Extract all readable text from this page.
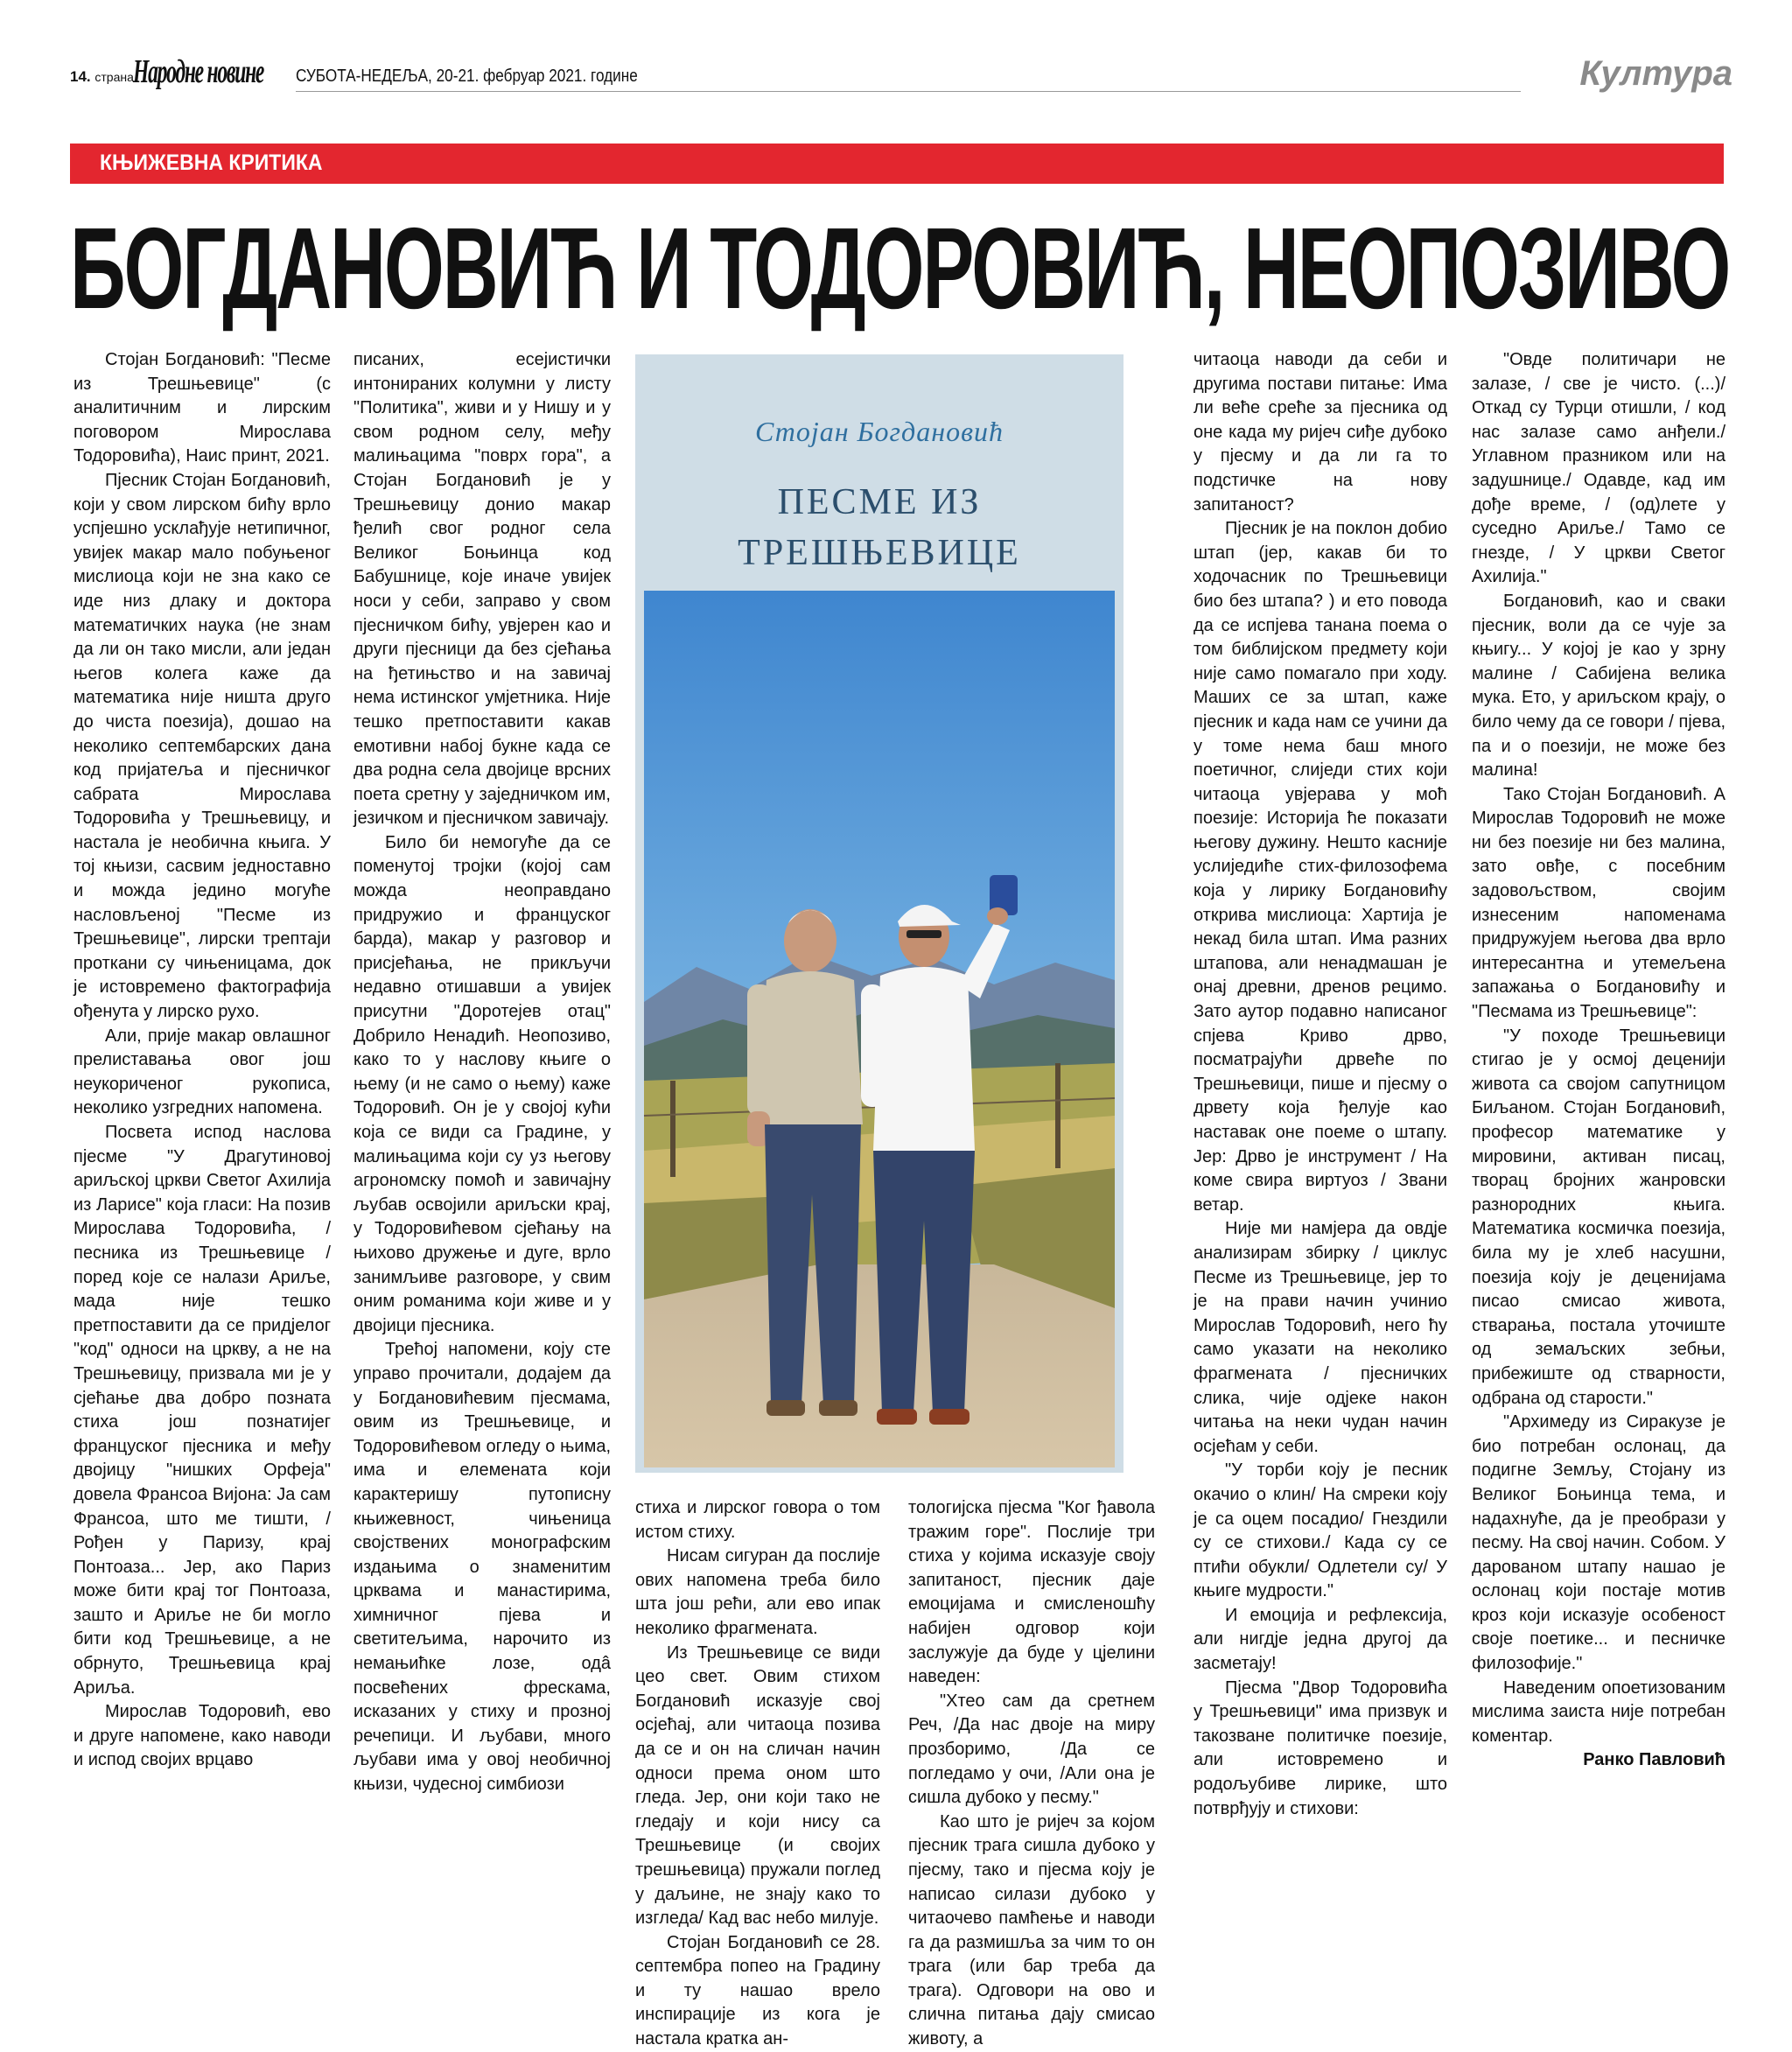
14. страна Народне новине СУБОТА-НЕДЕЉА, 20-21. фебруар 2021. године	Култура
КЊИЖЕВНА КРИТИКА
БОГДАНОВИЋ И ТОДОРОВИЋ, НЕОПОЗИВО

Стојан Богдановић: "Песме из Трешњевице" (с аналитичним и лирским поговором Мирослава Тодоровића), Наис принт, 2021.

Пјесник Стојан Богдановић, који у свом лирском бићу врло успјешно усклађује нетипичног, увијек макар мало побуњеног мислиоца који не зна како се иде низ длаку и доктора математичких наука (не знам да ли он тако мисли, али један његов колега каже да математика није ништа друго до чиста поезија), дошао на неколико септембарских дана код пријатеља и пјесничког сабрата Мирослава Тодоровића у Трешњевицу, и настала је необична књига. У тој књизи, сасвим једноставно и можда једино могуће насловљеној "Песме из Трешњевице", лирски трептаји проткани су чињеницама, док је истовремено фактографија ођенута у лирско рухо.

Али, прије макар овлашног прелиставања овог још неукориченог рукописа, неколико узгредних напомена.

Посвета испод наслова пјесме "У Драгутиновој ариљској цркви Светог Ахилија из Ларисе" која гласи: На позив Мирослава Тодоровића, / песника из Трешњевице / поред које се налази Ариље, мада није тешко претпоставити да се придјелог "код" односи на цркву, а не на Трешњевицу, призвала ми је у сјећање два добро позната стиха још познатијег француског пјесника и међу двојицу "нишких Орфеја" довела Франсоа Вијона: Ја сам Франсоа, што ме тишти, / Рођен у Паризу, крај Понтоаза... Јер, ако Париз може бити крај тог Понтоаза, зашто и Ариље не би могло бити код Трешњевице, а не обрнуто, Трешњевица крај Ариља.

Мирослав Тодоровић, ево и друге напомене, како наводи и испод својих врцаво

писаних, есејистички интонираних колумни у листу "Политика", живи и у Нишу и у свом родном селу, међу малињацима "поврх гора", а Стојан Богдановић је у Трешњевицу донио макар ђелић свог родног села Великог Бoњинца код Бабушнице, које иначе увијек носи у себи, заправо у свом пјесничком бићу, увјерен као и други пјесници да без сјећања на ђетињство и на завичај нема истинског умјетника. Није тешко претпоставити какав емотивни набој букне када се два родна села двојице врсних поета сретну у заједничком им, језичком и пјесничком завичају.

Било би немогуће да се поменутој тројки (којој сам можда неоправдано придружио и француског барда), макар у разговор и присјећања, не прикључи недавно отишавши а увијек присутни "Доротејев отац" Добрило Ненадић. Неопозиво, како то у наслову књиге о њему (и не само о њему) каже Тодоровић. Он је у својој кући која се види са Градине, у малињацима који су уз његову агрономску помоћ и завичајну љубав освојили ариљски крај, у Тодоровићевом сјећању на њихово дружење и дуге, врло занимљиве разговоре, у свим оним романима који живе и у двојици пјесника.

Трећој напомени, коју сте управо прочитали, додајем да у Богдановићевим пјесмама, овим из Трешњевице, и Тодоровићевом огледу о њима, има и елемената који карактеришу путописну књижевност, чињеница својствених монографским издањима о знаменитим црквама и манастирима, химничног пјева и светитељима, нарочито из немањићке лозе, одâ посвећених фрескама, исказаних у стиху и прозној речепици. И љубави, много љубави има у овој необичној књизи, чудесној симбиози

Стојан Богдановић
ПЕСМЕ ИЗ
ТРЕШЊЕВИЦЕ

стиха и лирског говора о том истом стиху.

Нисам сигуран да послије ових напомена треба било шта још рећи, али ево ипак неколико фрагмената.

Из Трешњевице се види цео свет. Овим стихом Богдановић исказује свој осјећај, али читаоца позива да се и он на сличан начин односи према оном што гледа. Јер, они који тако не гледају и који нису са Трешњевице (и својих трешњевица) пружали поглед у даљине, не знају како то изгледа/ Кад вас небо милује.

Стојан Богдановић се 28. септембра попео на Градину и ту нашао врело инспирације из кога је настала кратка ан-

тологијска пјесма "Ког ђавола тражим горе". Послије три стиха у којима исказује своју запитаност, пјесник даје емоцијама и смисленошћу набијен одговор који заслужује да буде у цјелини наведен:

"Хтео сам да сретнем Реч, /Да нас двоје на миру прозборимо, /Да се погледамо у очи, /Али она је сишла дубоко у песму."

Као што је ријеч за којом пјесник трага сишла дубоко у пјесму, тако и пјесма коју је написао силази дубоко у читаочево памћење и наводи га да размишља за чим то он трага (или бар треба да трага). Одговори на ово и слична питања дају смисао животу, а

читаоца наводи да себи и другима постави питање: Има ли веће среће за пјесника од оне када му ријеч сиђе дубоко у пјесму и да ли га то подстичке на нову запитаност?

Пјесник је на поклон добио штап (јер, какав би то ходочасник по Трешњевици био без штапа? ) и ето повода да се испјева танана поема о том библијском предмету који није само помагало при ходу. Маших се за штап, каже пјесник и када нам се учини да у томе нема баш много поетичног, слиједи стих који читаоца увјерава у моћ поезије: Историја ће показати његову дужину. Нешто касније услиједиће стих-филозофема која у лирику Богдановићу открива мислиоца: Хартија је некад била штап. Има разних штапова, али ненадмашан је онај древни, дренов рецимо. Зато аутор подавно написаног спјева Криво дрво, посматрајући дрвеће по Трешњевици, пише и пјесму о дрвету која ђелује као наставак оне поеме о штапу. Јер: Дрво је инструмент / На коме свира виртуоз / Звани ветар.

Није ми намјера да овдје анализирам збирку / циклус Песме из Трешњевице, јер то је на прави начин учинио Мирослав Тодоровић, него ћу само указати на неколико фрагмената / пјесничких слика, чије одјеке након читања на неки чудан начин осјећам у себи.

"У торби коју је песник окачио о клин/ На смреки коју је са оцем посадио/ Гнездили су се стихови./ Када су се птићи обукли/ Одлетели су/ У књиге мудрости."

И емоција и рефлексија, али нигдје једна другој да засметају!

Пјесма "Двор Тодоровића у Трешњевици" има призвук и такозване политичке поезије, али истовремено и родољубиве лирике, што потврђују и стихови:

"Овде политичари не залазе, / све је чисто. (...)/Откад су Турци отишли, / код нас залазе само анђели./ Углавном празником или на задушнице./ Одавде, кад им дође време, / (од)лете у суседно Ариље./ Тамо се гнезде, / У цркви Светог Ахилија."

Богдановић, као и сваки пјесник, воли да се чује за књигу... У којој је као у зрну малине / Сабијена велика мука. Ето, у ариљском крају, о било чему да се говори / пјева, па и о поезији, не може без малина!

Тако Стојан Богдановић. А Мирослав Тодоровић не може ни без поезије ни без малина, зато овђе, с посебним задовољством, својим изнесеним напоменама придружујем његова два врло интересантна и утемељена запажања о Богдановићу и "Песмама из Трешњевице":

"У походе Трешњевици стигао је у осмој деценији живота са својом сапутницом Биљаном. Стојан Богдановић, професор математике у мировини, активан писац, творац бројних жанровски разнородних књига. Математика космичка поезија, била му је хлеб насушни, поезија коју је деценијама писао смисао живота, стварања, постала уточиште од земаљских зебњи, прибежиште од стварности, одбрана од старости."

"Архимеду из Сиракузе је био потребан ослонац, да подигне Земљу, Стојану из Великог Бoњинца тема, и надахнуће, да је преобрази у песму. На свој начин. Собом. У дарованом штапу нашао је ослонац који постаје мотив кроз који исказује особеност своје поетике... и песничке филозофије."

Наведеним опоетизованим мислима заиста није потребан коментар.

Ранко Павловић
